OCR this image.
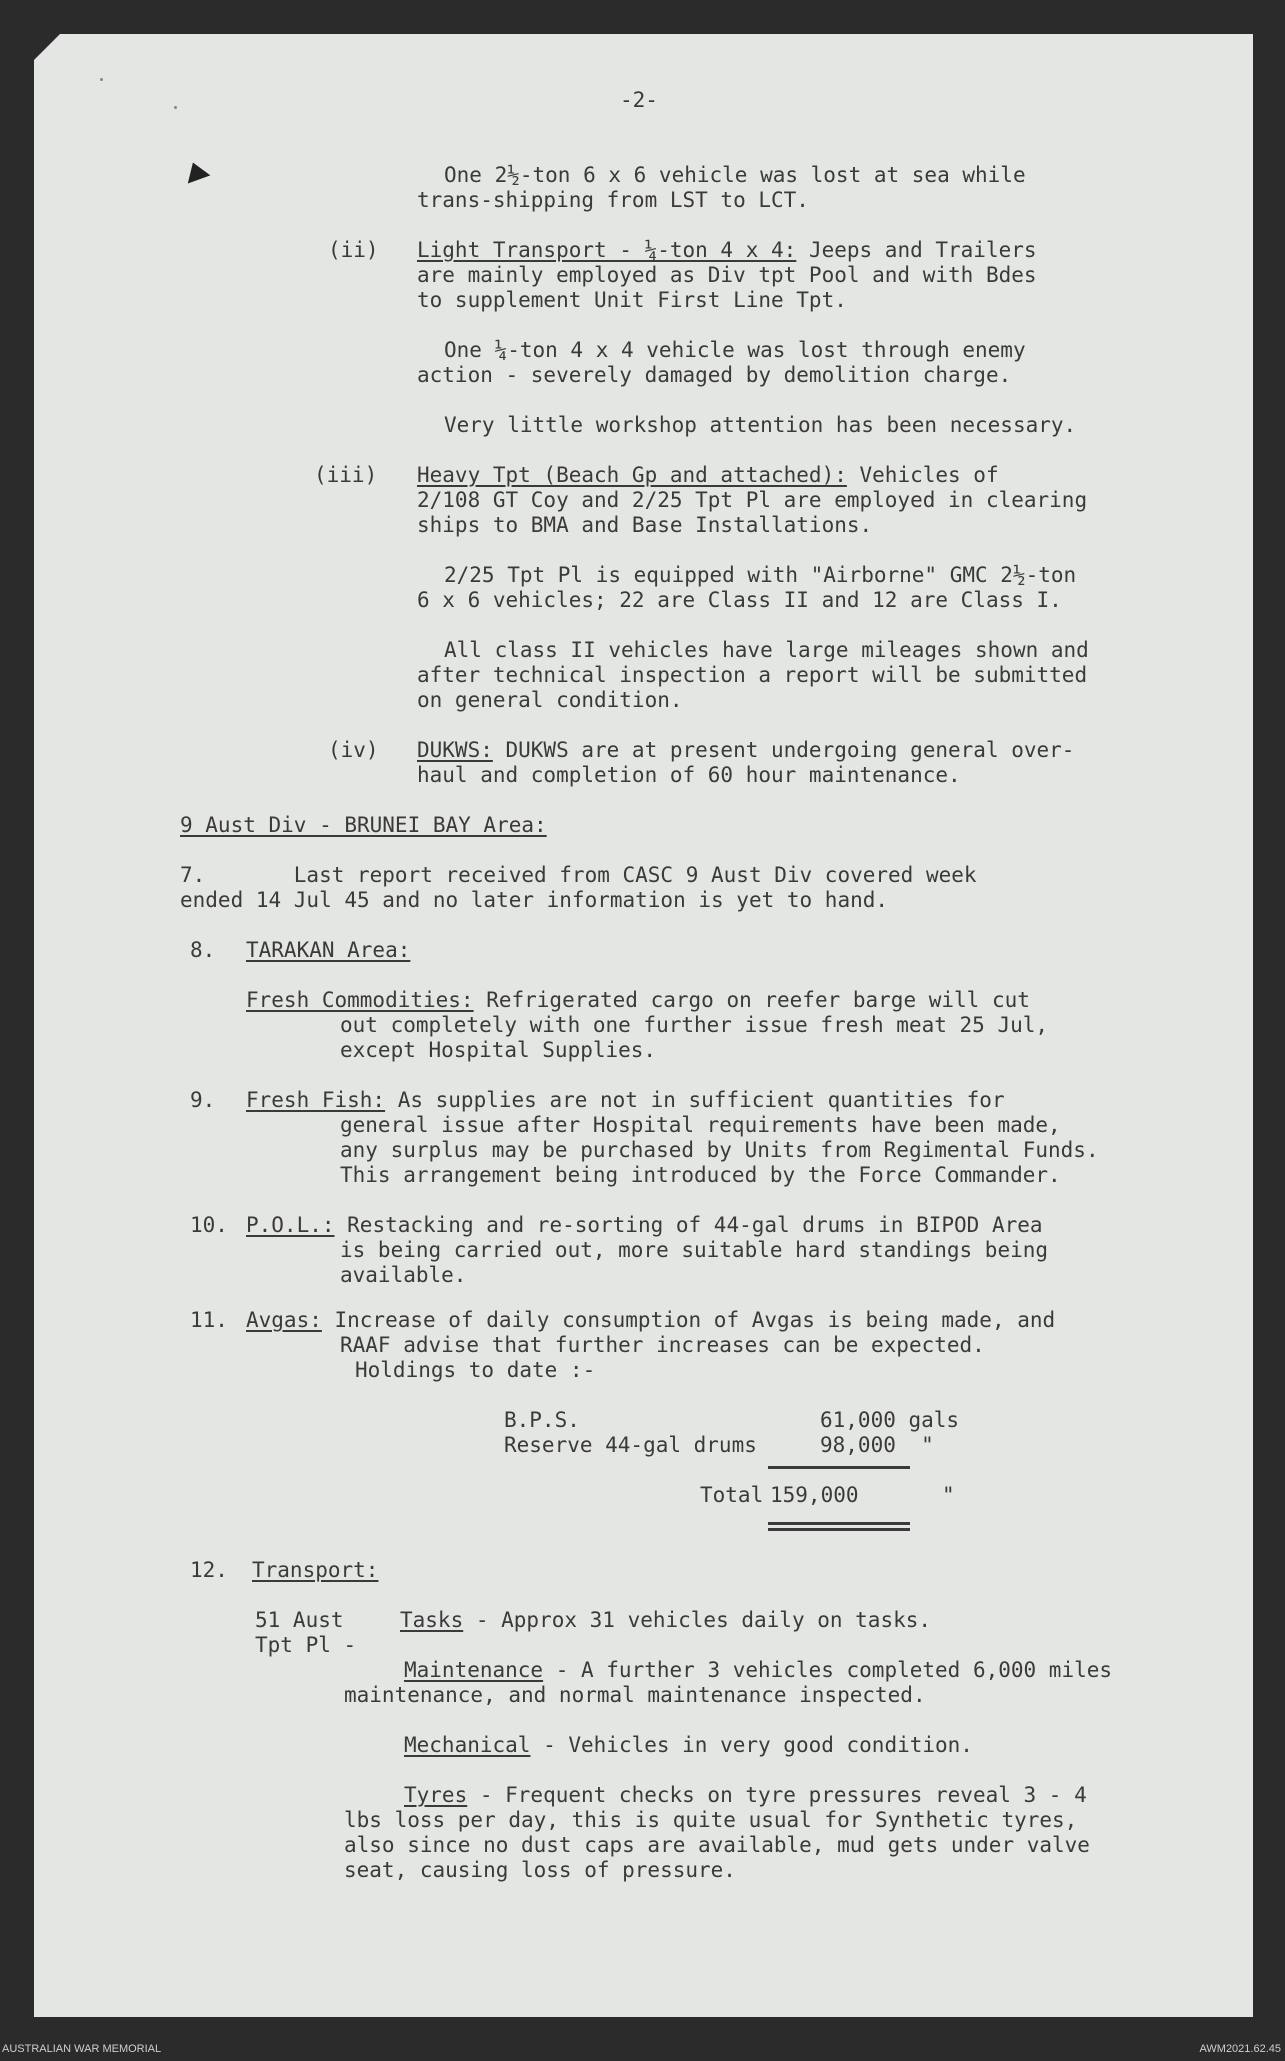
-2-
One 2½-ton 6 x 6 vehicle was lost at sea while
trans-shipping from LST to LCT.
(ii) Light Transport - ¼-ton 4 x 4: Jeeps and Trailers
are mainly employed as Div tpt Pool and with Bdes
to supplement Unit First Line Tpt.
One ¼-ton 4 x 4 vehicle was lost through enemy
action - severely damaged by demolition charge.
Very little workshop attention has been necessary.
(iii) Heavy Tpt (Beach Gp and attached): Vehicles of
2/108 GT Coy and 2/25 Tpt Pl are employed in clearing
ships to BMA and Base Installations.
2/25 Tpt Pl is equipped with "Airborne" GMC 2½-ton
6 x 6 vehicles; 22 are Class II and 12 are Class I.
All class II vehicles have large mileages shown and
after technical inspection a report will be submitted
on general condition.
(iv) DUKWS: DUKWS are at present undergoing general over-
haul and completion of 60 hour maintenance.
9 Aust Div - BRUNEI BAY Area:
7.       Last report received from CASC 9 Aust Div covered week
ended 14 Jul 45 and no later information is yet to hand.
8. TARAKAN Area:
Fresh Commodities: Refrigerated cargo on reefer barge will cut
out completely with one further issue fresh meat 25 Jul,
except Hospital Supplies.
9. Fresh Fish: As supplies are not in sufficient quantities for
general issue after Hospital requirements have been made,
any surplus may be purchased by Units from Regimental Funds.
This arrangement being introduced by the Force Commander.
10. P.O.L.: Restacking and re-sorting of 44-gal drums in BIPOD Area
is being carried out, more suitable hard standings being
available.
11. Avgas: Increase of daily consumption of Avgas is being made, and
RAAF advise that further increases can be expected.
Holdings to date :-
B.P.S.	61,000 gals
Reserve 44-gal drums	98,000  "
Total 159,000	"
12. Transport:
51 Aust
Tpt Pl -
Tasks - Approx 31 vehicles daily on tasks.
Maintenance - A further 3 vehicles completed 6,000 miles
maintenance, and normal maintenance inspected.
Mechanical - Vehicles in very good condition.
Tyres - Frequent checks on tyre pressures reveal 3 - 4
lbs loss per day, this is quite usual for Synthetic tyres,
also since no dust caps are available, mud gets under valve
seat, causing loss of pressure.
AUSTRALIAN WAR MEMORIAL	AWM2021.62.45
